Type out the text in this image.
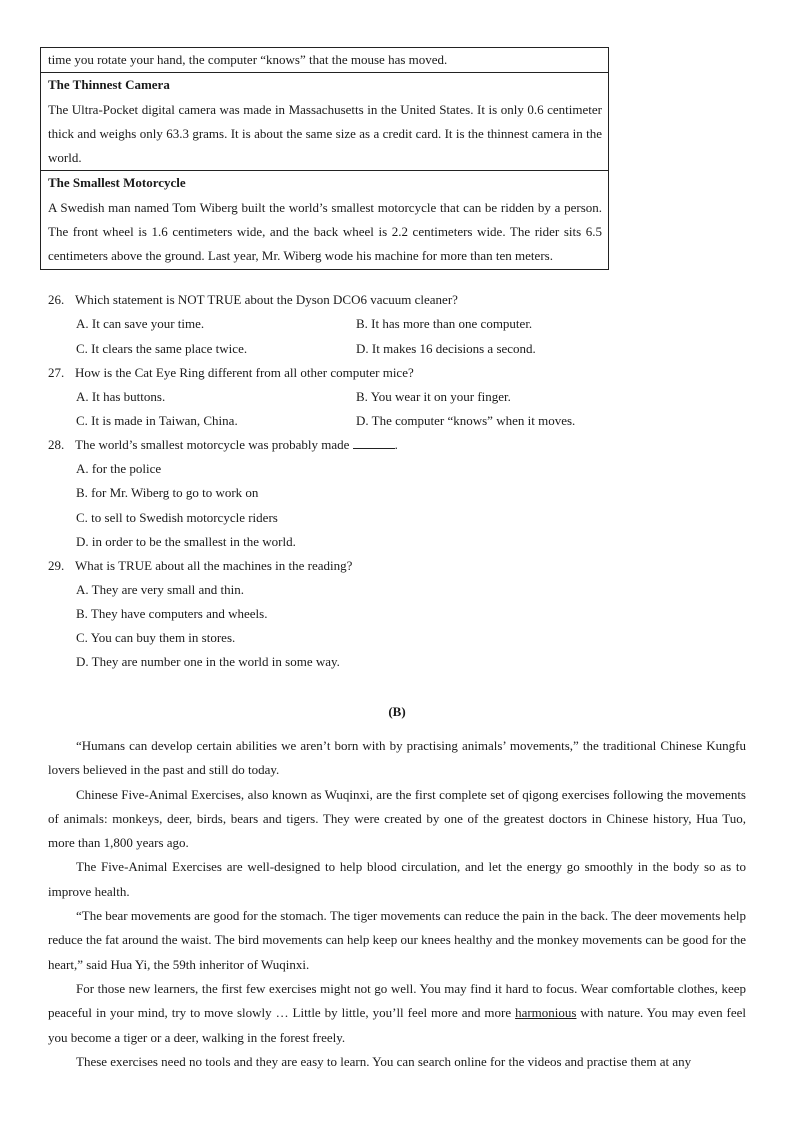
time you rotate your hand, the computer “knows” that the mouse has moved.

The Thinnest Camera

The Ultra-Pocket digital camera was made in Massachusetts in the United States. It is only 0.6 centimeter thick and weighs only 63.3 grams. It is about the same size as a credit card. It is the thinnest camera in the world.

The Smallest Motorcycle

A Swedish man named Tom Wiberg built the world’s smallest motorcycle that can be ridden by a person. The front wheel is 1.6 centimeters wide, and the back wheel is 2.2 centimeters wide. The rider sits 6.5 centimeters above the ground. Last year, Mr. Wiberg wode his machine for more than ten meters.

26. Which statement is NOT TRUE about the Dyson DCO6 vacuum cleaner?
A. It can save your time.	B. It has more than one computer.
C. It clears the same place twice.	D. It makes 16 decisions a second.
27. How is the Cat Eye Ring different from all other computer mice?
A. It has buttons.	B. You wear it on your finger.
C. It is made in Taiwan, China.	D. The computer “knows” when it moves.
28. The world’s smallest motorcycle was probably made	.
A. for the police
B. for Mr. Wiberg to go to work on
C. to sell to Swedish motorcycle riders
D. in order to be the smallest in the world.
29. What is TRUE about all the machines in the reading?
A. They are very small and thin.
B. They have computers and wheels.
C. You can buy them in stores.
D. They are number one in the world in some way.

(B)

“Humans can develop certain abilities we aren’t born with by practising animals’ movements,” the traditional Chinese Kungfu lovers believed in the past and still do today.

Chinese Five-Animal Exercises, also known as Wuqinxi, are the first complete set of qigong exercises following the movements of animals: monkeys, deer, birds, bears and tigers. They were created by one of the greatest doctors in Chinese history, Hua Tuo, more than 1,800 years ago.

The Five-Animal Exercises are well-designed to help blood circulation, and let the energy go smoothly in the body so as to improve health.

“The bear movements are good for the stomach. The tiger movements can reduce the pain in the back. The deer movements help reduce the fat around the waist. The bird movements can help keep our knees healthy and the monkey movements can be good for the heart,” said Hua Yi, the 59th inheritor of Wuqinxi.

For those new learners, the first few exercises might not go well. You may find it hard to focus. Wear comfortable clothes, keep peaceful in your mind, try to move slowly … Little by little, you’ll feel more and more harmonious with nature. You may even feel you become a tiger or a deer, walking in the forest freely.

These exercises need no tools and they are easy to learn. You can search online for the videos and practise them at any
